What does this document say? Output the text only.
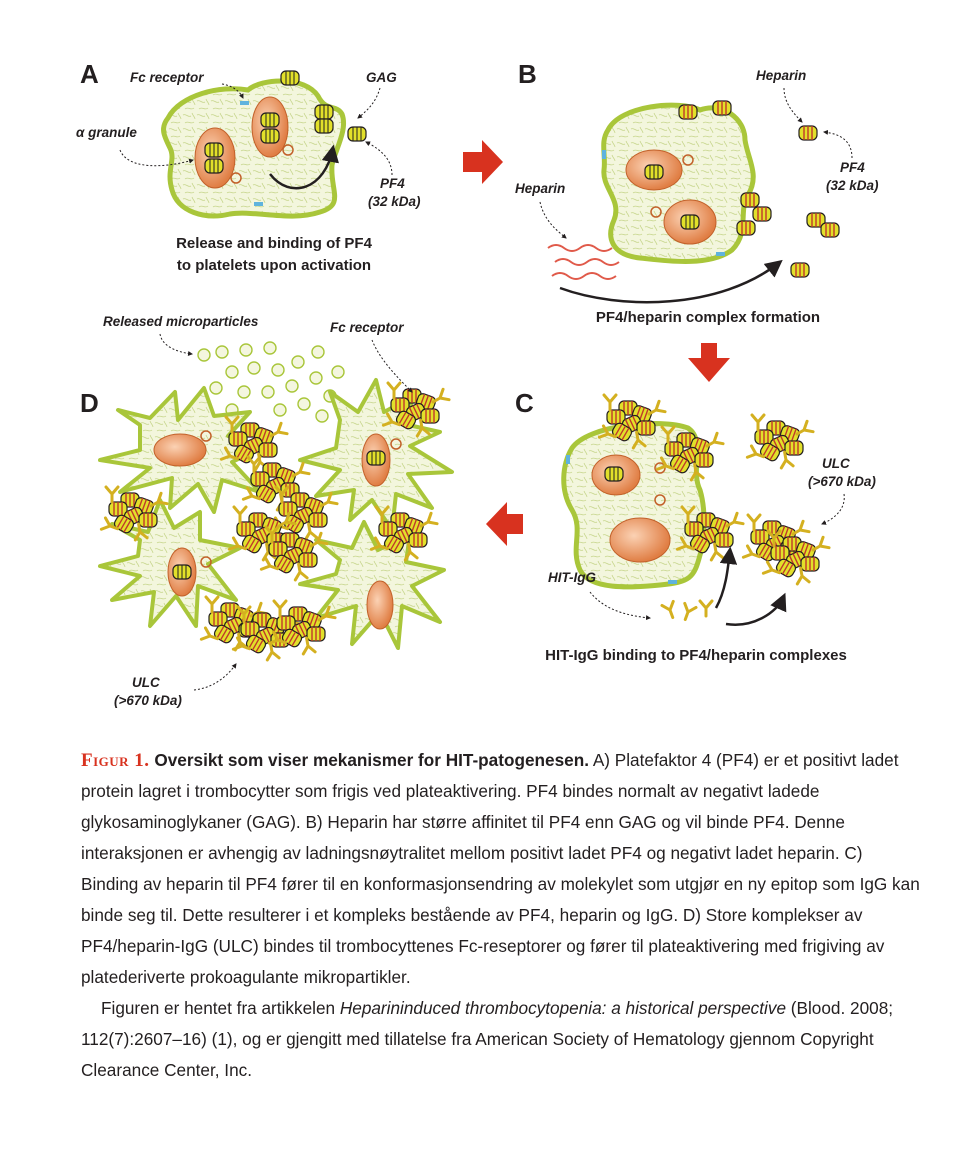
A Fc receptor
α granule
GAG
PF4
(32 kDa)
Release and binding of PF4
to platelets upon activation
B	Heparin
PF4
(32 kDa)
Heparin
PF4/heparin complex formation
C
ULC
(>670 kDa)
HIT-IgG
HIT-IgG binding to PF4/heparin complexes
D
Released microparticles	Fc receptor
ULC
(>670 kDa)

Figur 1. Oversikt som viser mekanismer for HIT-patogenesen. A) Platefaktor 4 (PF4) er et positivt ladet protein lagret i trombocytter som frigis ved plateaktivering. PF4 bindes normalt av negativt ladede glykosaminoglykaner (GAG). B) Heparin har større affinitet til PF4 enn GAG og vil binde PF4. Denne interaksjonen er avhengig av ladningsnøytralitet mellom positivt ladet PF4 og negativt ladet heparin. C) Binding av heparin til PF4 fører til en konformasjonsendring av molekylet som utgjør en ny epitop som IgG kan binde seg til. Dette resulterer i et kompleks bestående av PF4, heparin og IgG. D) Store komplekser av PF4/heparin-IgG (ULC) bindes til trombocyttenes Fc-reseptorer og fører til plateaktivering med frigiving av platederiverte prokoagulante mikropartikler.

Figuren er hentet fra artikkelen Heparininduced thrombocytopenia: a historical perspective (Blood. 2008; 112(7):2607–16) (1), og er gjengitt med tillatelse fra American Society of Hematology gjennom Copyright Clearance Center, Inc.
